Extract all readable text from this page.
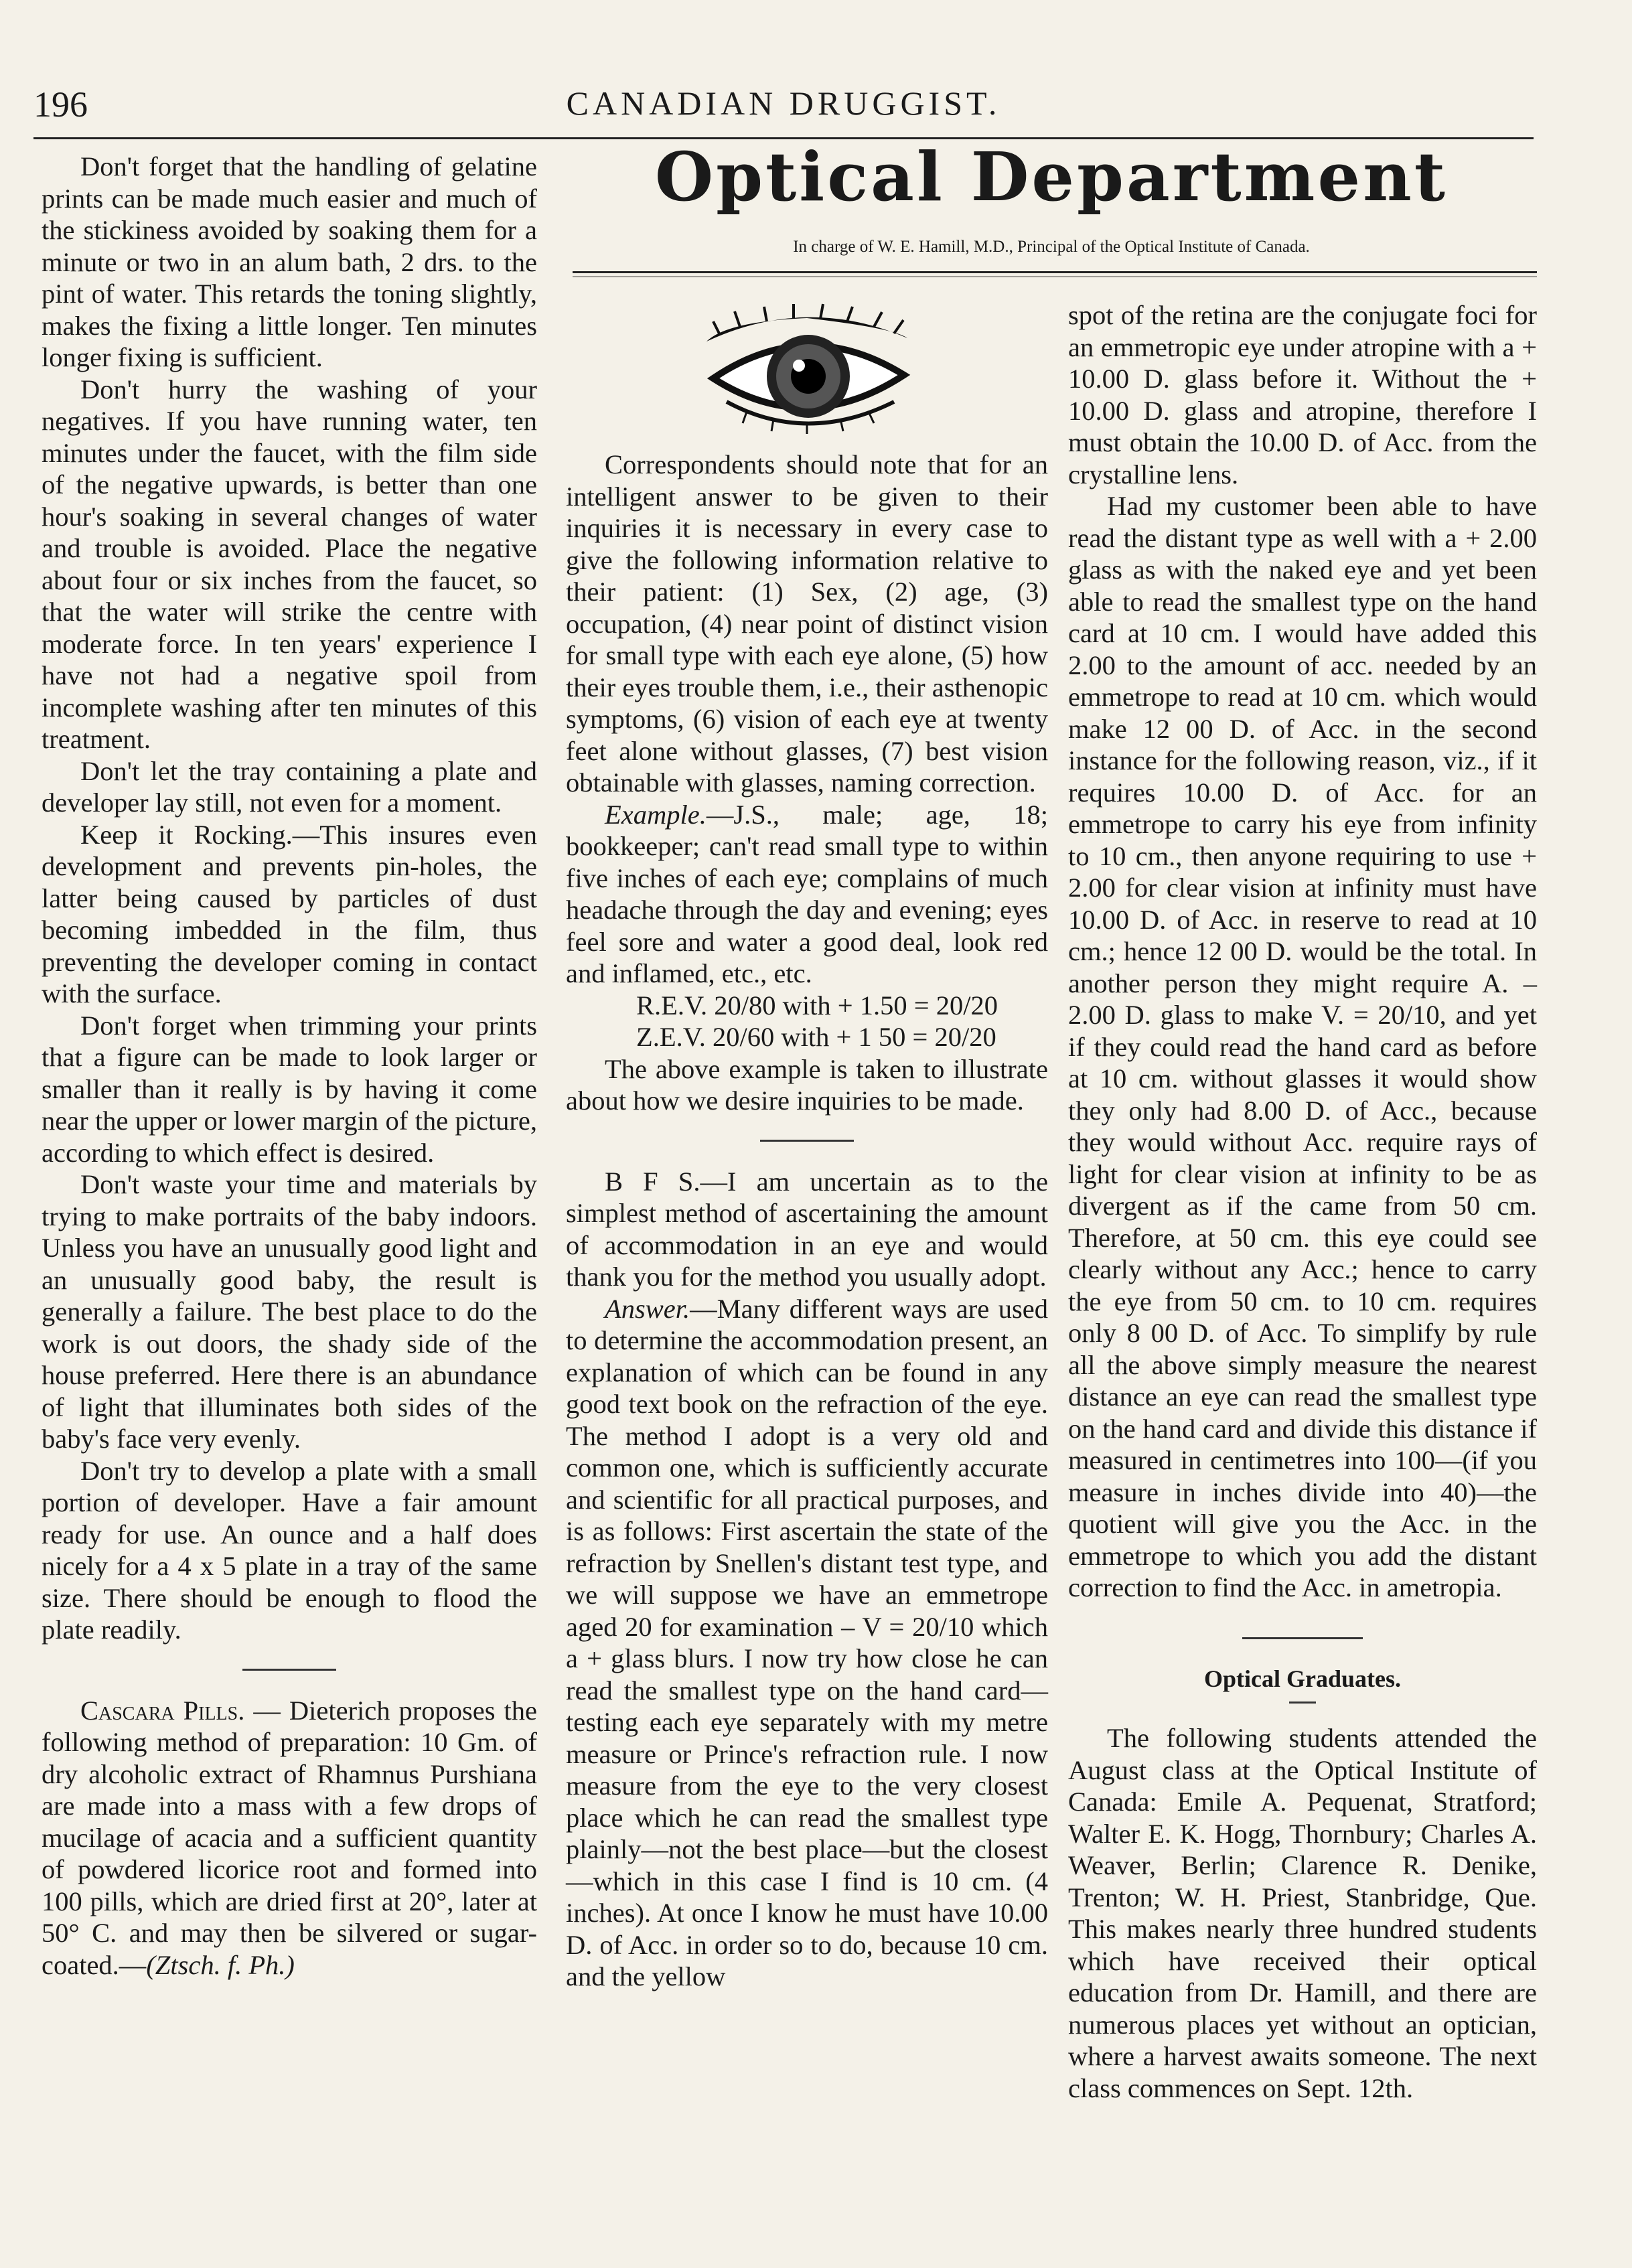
196	CANADIAN DRUGGIST.

Don't forget that the handling of gelatine prints can be made much easier and much of the stickiness avoided by soaking them for a minute or two in an alum bath, 2 drs. to the pint of water. This retards the toning slightly, makes the fixing a little longer. Ten minutes longer fixing is sufficient.

Don't hurry the washing of your negatives. If you have running water, ten minutes under the faucet, with the film side of the negative upwards, is better than one hour's soaking in several changes of water and trouble is avoided. Place the negative about four or six inches from the faucet, so that the water will strike the centre with moderate force. In ten years' experience I have not had a negative spoil from incomplete washing after ten minutes of this treatment.

Don't let the tray containing a plate and developer lay still, not even for a moment.

Keep it Rocking.—This insures even development and prevents pin-holes, the latter being caused by particles of dust becoming imbedded in the film, thus preventing the developer coming in contact with the surface.

Don't forget when trimming your prints that a figure can be made to look larger or smaller than it really is by having it come near the upper or lower margin of the picture, according to which effect is desired.

Don't waste your time and materials by trying to make portraits of the baby indoors. Unless you have an unusually good light and an unusually good baby, the result is generally a failure. The best place to do the work is out doors, the shady side of the house preferred. Here there is an abundance of light that illuminates both sides of the baby's face very evenly.

Don't try to develop a plate with a small portion of developer. Have a fair amount ready for use. An ounce and a half does nicely for a 4 x 5 plate in a tray of the same size. There should be enough to flood the plate readily.

Cascara Pills. — Dieterich proposes the following method of preparation: 10 Gm. of dry alcoholic extract of Rhamnus Purshiana are made into a mass with a few drops of mucilage of acacia and a sufficient quantity of powdered licorice root and formed into 100 pills, which are dried first at 20°, later at 50° C. and may then be silvered or sugar-coated.—(Ztsch. f. Ph.)

Optical Department
In charge of W. E. Hamill, M.D., Principal of the Optical Institute of Canada.

Correspondents should note that for an intelligent answer to be given to their inquiries it is necessary in every case to give the following information relative to their patient: (1) Sex, (2) age, (3) occupation, (4) near point of distinct vision for small type with each eye alone, (5) how their eyes trouble them, i.e., their asthenopic symptoms, (6) vision of each eye at twenty feet alone without glasses, (7) best vision obtainable with glasses, naming correction.

Example.—J.S., male; age, 18; bookkeeper; can't read small type to within five inches of each eye; complains of much headache through the day and evening; eyes feel sore and water a good deal, look red and inflamed, etc., etc.

R.E.V. 20/80 with + 1.50 = 20/20

Z.E.V. 20/60 with + 1 50 = 20/20

The above example is taken to illustrate about how we desire inquiries to be made.

B F S.—I am uncertain as to the simplest method of ascertaining the amount of accommodation in an eye and would thank you for the method you usually adopt.

Answer.—Many different ways are used to determine the accommodation present, an explanation of which can be found in any good text book on the refraction of the eye. The method I adopt is a very old and common one, which is sufficiently accurate and scientific for all practical purposes, and is as follows: First ascertain the state of the refraction by Snellen's distant test type, and we will suppose we have an emmetrope aged 20 for examination – V = 20/10 which a + glass blurs. I now try how close he can read the smallest type on the hand card—testing each eye separately with my metre measure or Prince's refraction rule. I now measure from the eye to the very closest place which he can read the smallest type plainly—not the best place—but the closest—which in this case I find is 10 cm. (4 inches). At once I know he must have 10.00 D. of Acc. in order so to do, because 10 cm. and the yellow

spot of the retina are the conjugate foci for an emmetropic eye under atropine with a + 10.00 D. glass before it. Without the + 10.00 D. glass and atropine, therefore I must obtain the 10.00 D. of Acc. from the crystalline lens.

Had my customer been able to have read the distant type as well with a + 2.00 glass as with the naked eye and yet been able to read the smallest type on the hand card at 10 cm. I would have added this 2.00 to the amount of acc. needed by an emmetrope to read at 10 cm. which would make 12 00 D. of Acc. in the second instance for the following reason, viz., if it requires 10.00 D. of Acc. for an emmetrope to carry his eye from infinity to 10 cm., then anyone requiring to use + 2.00 for clear vision at infinity must have 10.00 D. of Acc. in reserve to read at 10 cm.; hence 12 00 D. would be the total. In another person they might require A. – 2.00 D. glass to make V. = 20/10, and yet if they could read the hand card as before at 10 cm. without glasses it would show they only had 8.00 D. of Acc., because they would without Acc. require rays of light for clear vision at infinity to be as divergent as if the came from 50 cm. Therefore, at 50 cm. this eye could see clearly without any Acc.; hence to carry the eye from 50 cm. to 10 cm. requires only 8 00 D. of Acc. To simplify by rule all the above simply measure the nearest distance an eye can read the smallest type on the hand card and divide this distance if measured in centimetres into 100—(if you measure in inches divide into 40)—the quotient will give you the Acc. in the emmetrope to which you add the distant correction to find the Acc. in ametropia.

Optical Graduates.

The following students attended the August class at the Optical Institute of Canada: Emile A. Pequenat, Stratford; Walter E. K. Hogg, Thornbury; Charles A. Weaver, Berlin; Clarence R. Denike, Trenton; W. H. Priest, Stanbridge, Que. This makes nearly three hundred students which have received their optical education from Dr. Hamill, and there are numerous places yet without an optician, where a harvest awaits someone. The next class commences on Sept. 12th.
